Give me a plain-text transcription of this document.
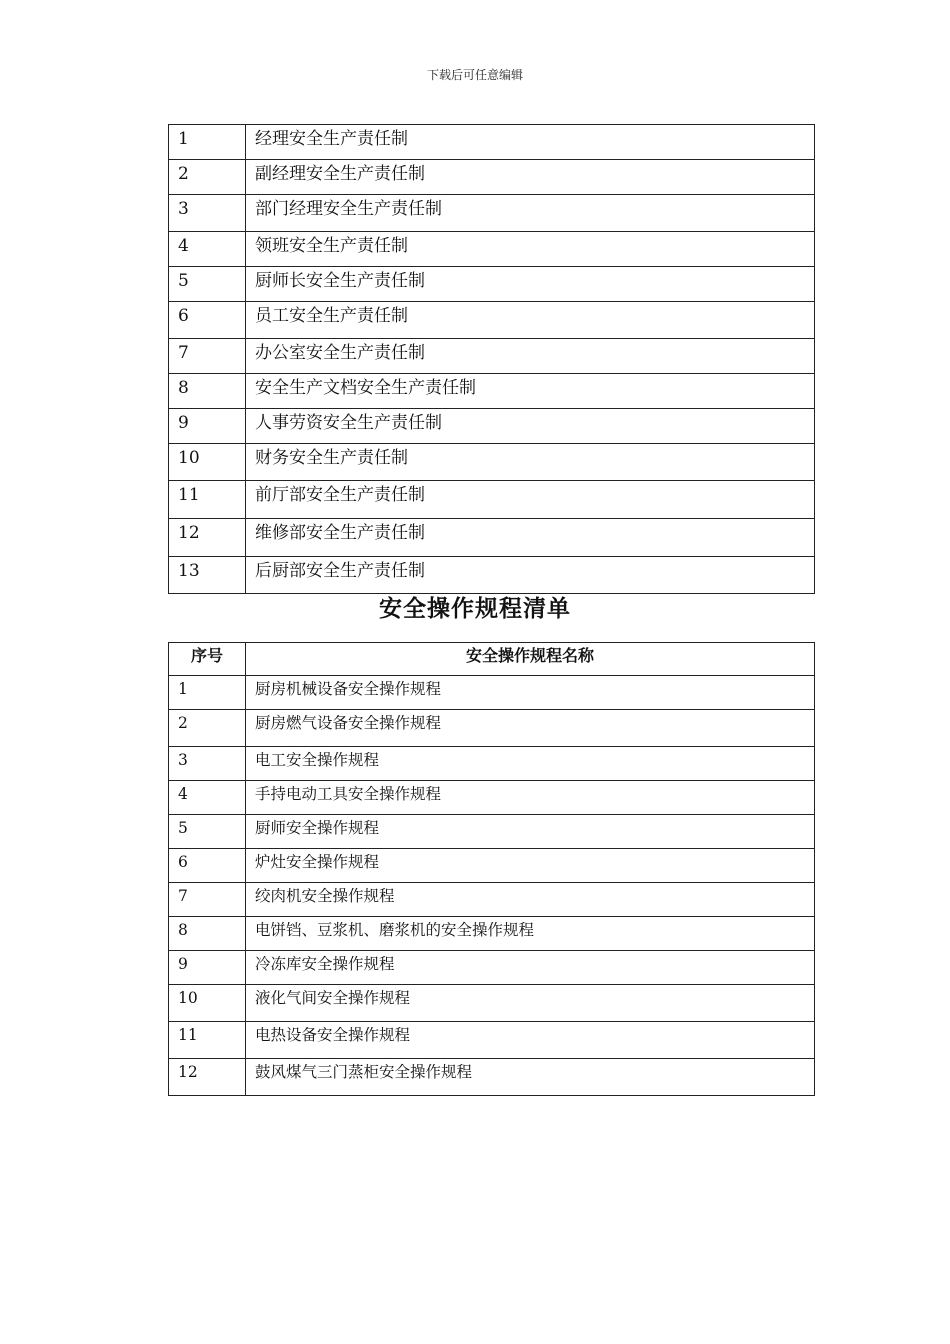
下载后可任意编辑
1	经理安全生产责任制
2	副经理安全生产责任制
3	部门经理安全生产责任制
4	领班安全生产责任制
5	厨师长安全生产责任制
6	员工安全生产责任制
7	办公室安全生产责任制
8	安全生产文档安全生产责任制
9	人事劳资安全生产责任制
10	财务安全生产责任制
11	前厅部安全生产责任制
12	维修部安全生产责任制
13	后厨部安全生产责任制
安全操作规程清单
序号	安全操作规程名称
1	厨房机械设备安全操作规程
2	厨房燃气设备安全操作规程
3	电工安全操作规程
4	手持电动工具安全操作规程
5	厨师安全操作规程
6	炉灶安全操作规程
7	绞肉机安全操作规程
8	电饼铛、豆浆机、磨浆机的安全操作规程
9	冷冻库安全操作规程
10	液化气间安全操作规程
11	电热设备安全操作规程
12	鼓风煤气三门蒸柜安全操作规程
